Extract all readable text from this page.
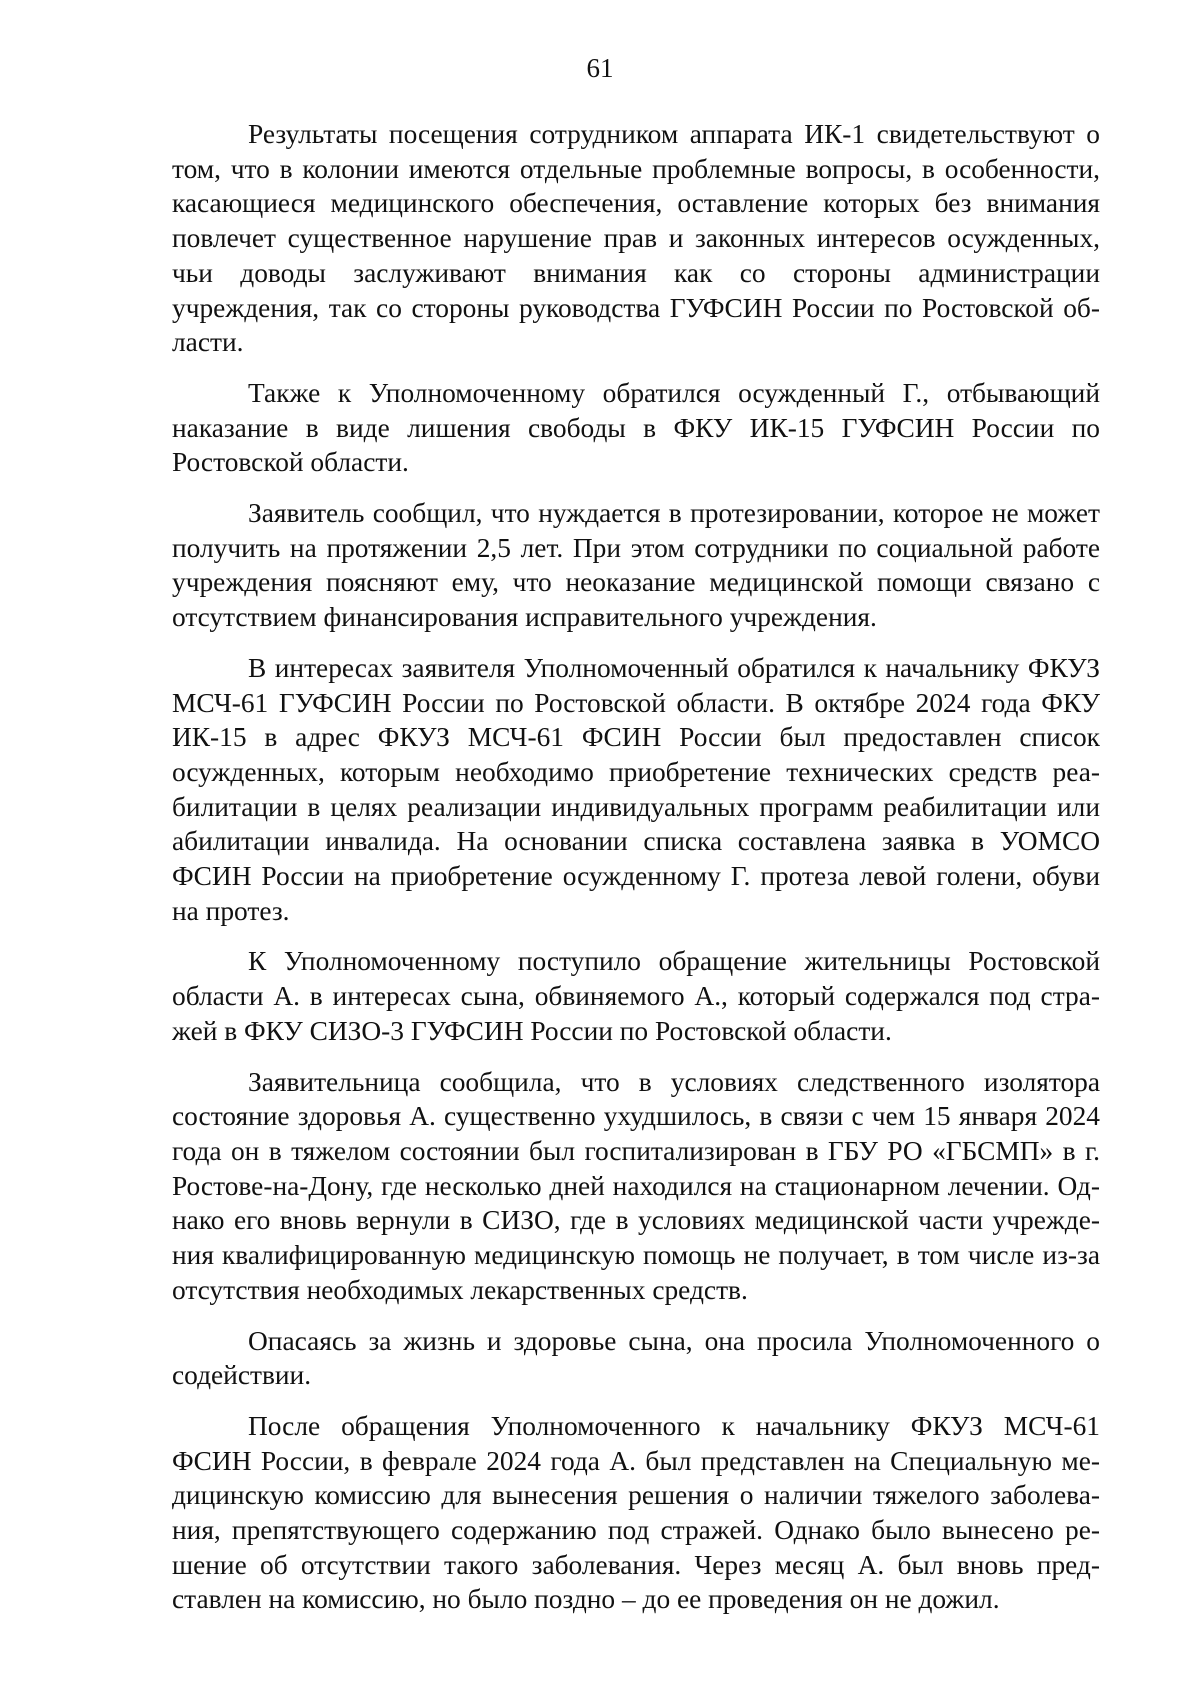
61

Результаты посещения сотрудником аппарата ИК-1 свидетельствуют о том, что в колонии имеются отдельные проблемные вопросы, в особенности, касающиеся медицинского обеспечения, оставление которых без внимания повлечет существенное нарушение прав и законных интересов осужденных, чьи доводы заслуживают внимания как со стороны администрации учреждения, так со стороны руководства ГУФСИН России по Ростовской области.

Также к Уполномоченному обратился осужденный Г., отбывающий наказание в виде лишения свободы в ФКУ ИК-15 ГУФСИН России по Ростовской области.

Заявитель сообщил, что нуждается в протезировании, которое не может получить на протяжении 2,5 лет. При этом сотрудники по социальной работе учреждения поясняют ему, что неоказание медицинской помощи связано с отсутствием финансирования исправительного учреждения.

В интересах заявителя Уполномоченный обратился к начальнику ФКУЗ МСЧ-61 ГУФСИН России по Ростовской области. В октябре 2024 года ФКУ ИК-15 в адрес ФКУЗ МСЧ-61 ФСИН России был предоставлен список осужденных, которым необходимо приобретение технических средств реабилитации в целях реализации индивидуальных программ реабилитации или абилитации инвалида. На основании списка составлена заявка в УОМСО ФСИН России на приобретение осужденному Г. протеза левой голени, обуви на протез.

К Уполномоченному поступило обращение жительницы Ростовской области А. в интересах сына, обвиняемого А., который содержался под стражей в ФКУ СИЗО-3 ГУФСИН России по Ростовской области.

Заявительница сообщила, что в условиях следственного изолятора состояние здоровья А. существенно ухудшилось, в связи с чем 15 января 2024 года он в тяжелом состоянии был госпитализирован в ГБУ РО «ГБСМП» в г. Ростове-на-Дону, где несколько дней находился на стационарном лечении. Однако его вновь вернули в СИЗО, где в условиях медицинской части учреждения квалифицированную медицинскую помощь не получает, в том числе из-за отсутствия необходимых лекарственных средств.

Опасаясь за жизнь и здоровье сына, она просила Уполномоченного о содействии.

После обращения Уполномоченного к начальнику ФКУЗ МСЧ-61 ФСИН России, в феврале 2024 года А. был представлен на Специальную медицинскую комиссию для вынесения решения о наличии тяжелого заболевания, препятствующего содержанию под стражей. Однако было вынесено решение об отсутствии такого заболевания. Через месяц А. был вновь представлен на комиссию, но было поздно – до ее проведения он не дожил.
